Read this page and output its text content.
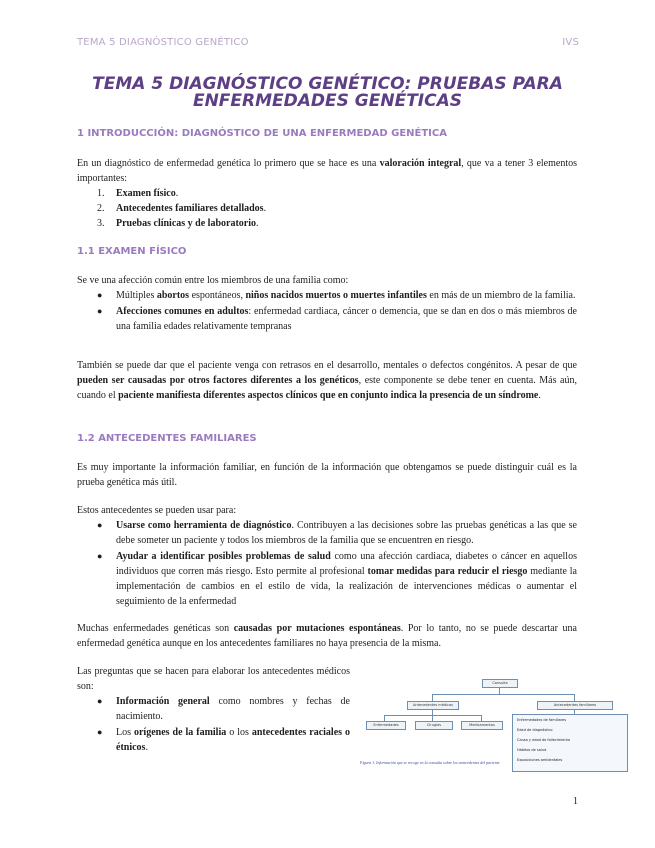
TEMA 5 DIAGNÓSTICO GENÉTICO	IVS
TEMA 5 DIAGNÓSTICO GENÉTICO: PRUEBAS PARA ENFERMEDADES GENÉTICAS
1 INTRODUCCIÓN: DIAGNÓSTICO DE UNA ENFERMEDAD GENÉTICA
En un diagnóstico de enfermedad genética lo primero que se hace es una valoración integral, que va a tener 3 elementos importantes:
1. Examen físico.
2. Antecedentes familiares detallados.
3. Pruebas clínicas y de laboratorio.
1.1 EXAMEN FÍSICO
Se ve una afección común entre los miembros de una familia como:
● Múltiples abortos espontáneos, niños nacidos muertos o muertes infantiles en más de un miembro de la familia.
● Afecciones comunes en adultos: enfermedad cardiaca, cáncer o demencia, que se dan en dos o más miembros de una familia edades relativamente tempranas
También se puede dar que el paciente venga con retrasos en el desarrollo, mentales o defectos congénitos. A pesar de que pueden ser causadas por otros factores diferentes a los genéticos, este componente se debe tener en cuenta. Más aún, cuando el paciente manifiesta diferentes aspectos clínicos que en conjunto indica la presencia de un síndrome.
1.2 ANTECEDENTES FAMILIARES
Es muy importante la información familiar, en función de la información que obtengamos se puede distinguir cuál es la prueba genética más útil.
Estos antecedentes se pueden usar para:
● Usarse como herramienta de diagnóstico. Contribuyen a las decisiones sobre las pruebas genéticas a las que se debe someter un paciente y todos los miembros de la familia que se encuentren en riesgo.
● Ayudar a identificar posibles problemas de salud como una afección cardiaca, diabetes o cáncer en aquellos individuos que corren más riesgo. Esto permite al profesional tomar medidas para reducir el riesgo mediante la implementación de cambios en el estilo de vida, la realización de intervenciones médicas o aumentar el seguimiento de la enfermedad
Muchas enfermedades genéticas son causadas por mutaciones espontáneas. Por lo tanto, no se puede descartar una enfermedad genética aunque en los antecedentes familiares no haya presencia de la misma.
Las preguntas que se hacen para elaborar los antecedentes médicos son:
● Información general como nombres y fechas de nacimiento.
● Los orígenes de la familia o los antecedentes raciales o étnicos.
Consulta
Antecedentes médicos	Antecedentes familiares
Enfermedades	Cirugías	Medicamentos
Enfermedades de familiares
Edad de diagnóstico
Causa y edad de fallecimiento
Hábitos de salud
Exposiciones ambientales
Figura 1. Información que se recoge en la consulta sobre los antecedentes del paciente
1
